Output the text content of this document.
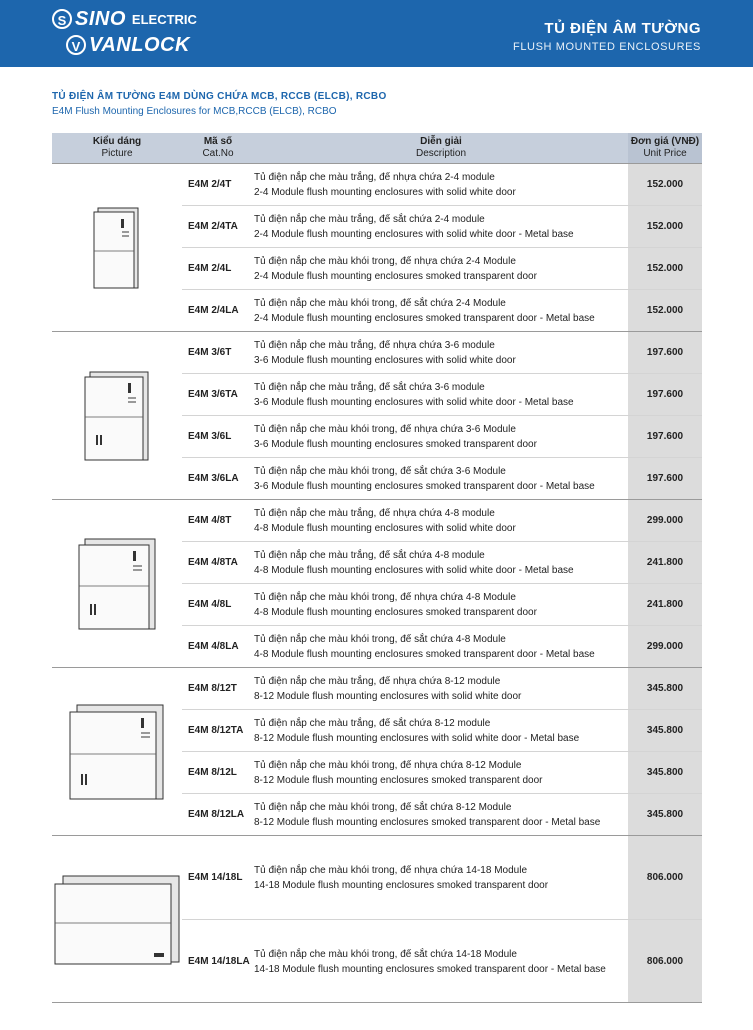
S SINO ELECTRIC
V VANLOCK
TỦ ĐIỆN ÂM TƯỜNG
FLUSH MOUNTED ENCLOSURES
TỦ ĐIỆN ÂM TƯỜNG E4M DÙNG CHỨA MCB, RCCB (ELCB), RCBO
E4M Flush Mounting Enclosures for MCB,RCCB (ELCB), RCBO
Kiểu dáng
Picture	Mã số
Cat.No	Diễn giải
Description	Đơn giá (VNĐ)
Unit Price

	E4M 2/4T	Tủ điện nắp che màu trắng, đế nhựa chứa 2-4 module
2-4 Module flush mounting enclosures with solid white door	152.000
	E4M 2/4TA	Tủ điện nắp che màu trắng, đế sắt chứa 2-4 module
2-4 Module flush mounting enclosures with solid white door - Metal base	152.000
	E4M 2/4L	Tủ điện nắp che màu khói trong, đế nhựa chứa 2-4 Module
2-4 Module flush mounting enclosures smoked transparent door	152.000
	E4M 2/4LA	Tủ điện nắp che màu khói trong, đế sắt chứa 2-4 Module
2-4 Module flush mounting enclosures smoked transparent door - Metal base	152.000

	E4M 3/6T	Tủ điện nắp che màu trắng, đế nhựa chứa 3-6 module
3-6 Module flush mounting enclosures with solid white door	197.600
	E4M 3/6TA	Tủ điện nắp che màu trắng, đế sắt chứa 3-6 module
3-6 Module flush mounting enclosures with solid white door - Metal base	197.600
	E4M 3/6L	Tủ điện nắp che màu khói trong, đế nhựa chứa 3-6 Module
3-6 Module flush mounting enclosures smoked transparent door	197.600
	E4M 3/6LA	Tủ điện nắp che màu khói trong, đế sắt chứa 3-6 Module
3-6 Module flush mounting enclosures smoked transparent door - Metal base	197.600

	E4M 4/8T	Tủ điện nắp che màu trắng, đế nhựa chứa 4-8 module
4-8 Module flush mounting enclosures with solid white door	299.000
	E4M 4/8TA	Tủ điện nắp che màu trắng, đế sắt chứa 4-8 module
4-8 Module flush mounting enclosures with solid white door - Metal base	241.800
	E4M 4/8L	Tủ điện nắp che màu khói trong, đế nhựa chứa 4-8 Module
4-8 Module flush mounting enclosures smoked transparent door	241.800
	E4M 4/8LA	Tủ điện nắp che màu khói trong, đế sắt chứa 4-8 Module
4-8 Module flush mounting enclosures smoked transparent door - Metal base	299.000

	E4M 8/12T	Tủ điện nắp che màu trắng, đế nhựa chứa 8-12 module
8-12 Module flush mounting enclosures with solid white door	345.800
	E4M 8/12TA	Tủ điện nắp che màu trắng, đế sắt chứa 8-12 module
8-12 Module flush mounting enclosures with solid white door - Metal base	345.800
	E4M 8/12L	Tủ điện nắp che màu khói trong, đế nhựa chứa 8-12 Module
8-12 Module flush mounting enclosures smoked transparent door	345.800
	E4M 8/12LA	Tủ điện nắp che màu khói trong, đế sắt chứa 8-12 Module
8-12 Module flush mounting enclosures smoked transparent door - Metal base	345.800

	E4M 14/18L	Tủ điện nắp che màu khói trong, đế nhựa chứa 14-18 Module
14-18 Module flush mounting enclosures smoked transparent door	806.000
	E4M 14/18LA	Tủ điện nắp che màu khói trong, đế sắt chứa 14-18 Module
14-18 Module flush mounting enclosures smoked transparent door - Metal base	806.000
